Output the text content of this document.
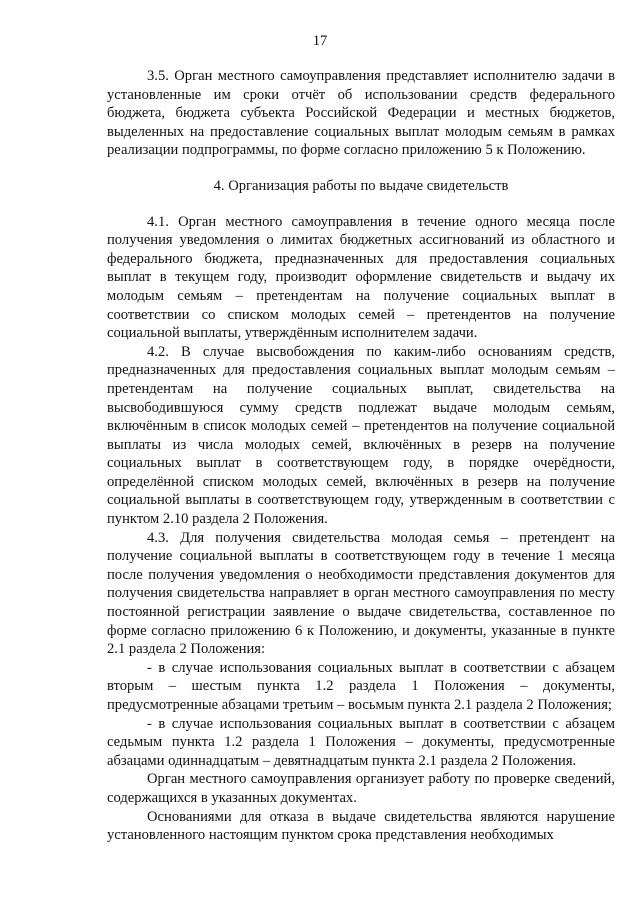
17

3.5. Орган местного самоуправления представляет исполнителю задачи в установленные им сроки отчёт об использовании средств федерального бюджета, бюджета субъекта Российской Федерации и местных бюджетов, выделенных на предоставление социальных выплат молодым семьям в рамках реализации подпрограммы, по форме согласно приложению 5 к Положению.

4. Организация работы по выдаче свидетельств

4.1. Орган местного самоуправления в течение одного месяца после получения уведомления о лимитах бюджетных ассигнований из областного и федерального бюджета, предназначенных для предоставления социальных выплат в текущем году, производит оформление свидетельств и выдачу их молодым семьям – претендентам на получение социальных выплат в соответствии со списком молодых семей – претендентов на получение социальной выплаты, утверждённым исполнителем задачи.

4.2. В случае высвобождения по каким-либо основаниям средств, предназначенных для предоставления социальных выплат молодым семьям – претендентам на получение социальных выплат, свидетельства на высвободившуюся сумму средств подлежат выдаче молодым семьям, включённым в список молодых семей – претендентов на получение социальной выплаты из числа молодых семей, включённых в резерв на получение социальных выплат в соответствующем году, в порядке очерёдности, определённой списком молодых семей, включённых в резерв на получение социальной выплаты в соответствующем году, утвержденным в соответствии с пунктом 2.10 раздела 2 Положения.

4.3. Для получения свидетельства молодая семья – претендент на получение социальной выплаты в соответствующем году в течение 1 месяца после получения уведомления о необходимости представления документов для получения свидетельства направляет в орган местного самоуправления по месту постоянной регистрации заявление о выдаче свидетельства, составленное по форме согласно приложению 6 к Положению, и документы, указанные в пункте 2.1 раздела 2 Положения:

- в случае использования социальных выплат в соответствии с абзацем вторым – шестым пункта 1.2 раздела 1 Положения – документы, предусмотренные абзацами третьим – восьмым пункта 2.1 раздела 2 Положения;

- в случае использования социальных выплат в соответствии с абзацем седьмым пункта 1.2 раздела 1 Положения – документы, предусмотренные абзацами одиннадцатым – девятнадцатым пункта 2.1 раздела 2 Положения.

Орган местного самоуправления организует работу по проверке сведений, содержащихся в указанных документах.

Основаниями для отказа в выдаче свидетельства являются нарушение установленного настоящим пунктом срока представления необходимых
